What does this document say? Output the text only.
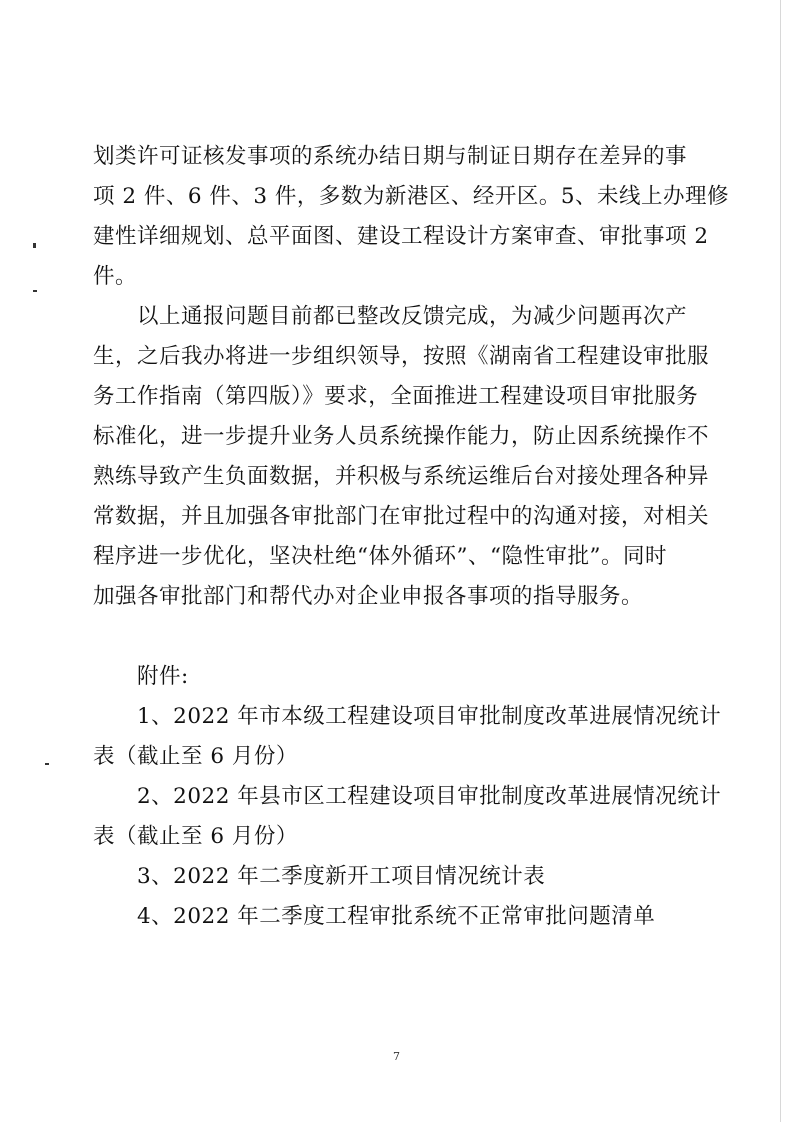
划类许可证核发事项的系统办结日期与制证日期存在差异的事
项 2 件、6 件、3 件，多数为新港区、经开区。5、未线上办理修
建性详细规划、总平面图、建设工程设计方案审查、审批事项 2
件。
以上通报问题目前都已整改反馈完成，为减少问题再次产
生，之后我办将进一步组织领导，按照《湖南省工程建设审批服
务工作指南（第四版）》要求，全面推进工程建设项目审批服务
标准化，进一步提升业务人员系统操作能力，防止因系统操作不
熟练导致产生负面数据，并积极与系统运维后台对接处理各种异
常数据，并且加强各审批部门在审批过程中的沟通对接，对相关
程序进一步优化，坚决杜绝“体外循环”、“隐性审批”。同时
加强各审批部门和帮代办对企业申报各事项的指导服务。
附件:
1、2022 年市本级工程建设项目审批制度改革进展情况统计
表（截止至 6 月份）
2、2022 年县市区工程建设项目审批制度改革进展情况统计
表（截止至 6 月份）
3、2022 年二季度新开工项目情况统计表
4、2022 年二季度工程审批系统不正常审批问题清单
7
